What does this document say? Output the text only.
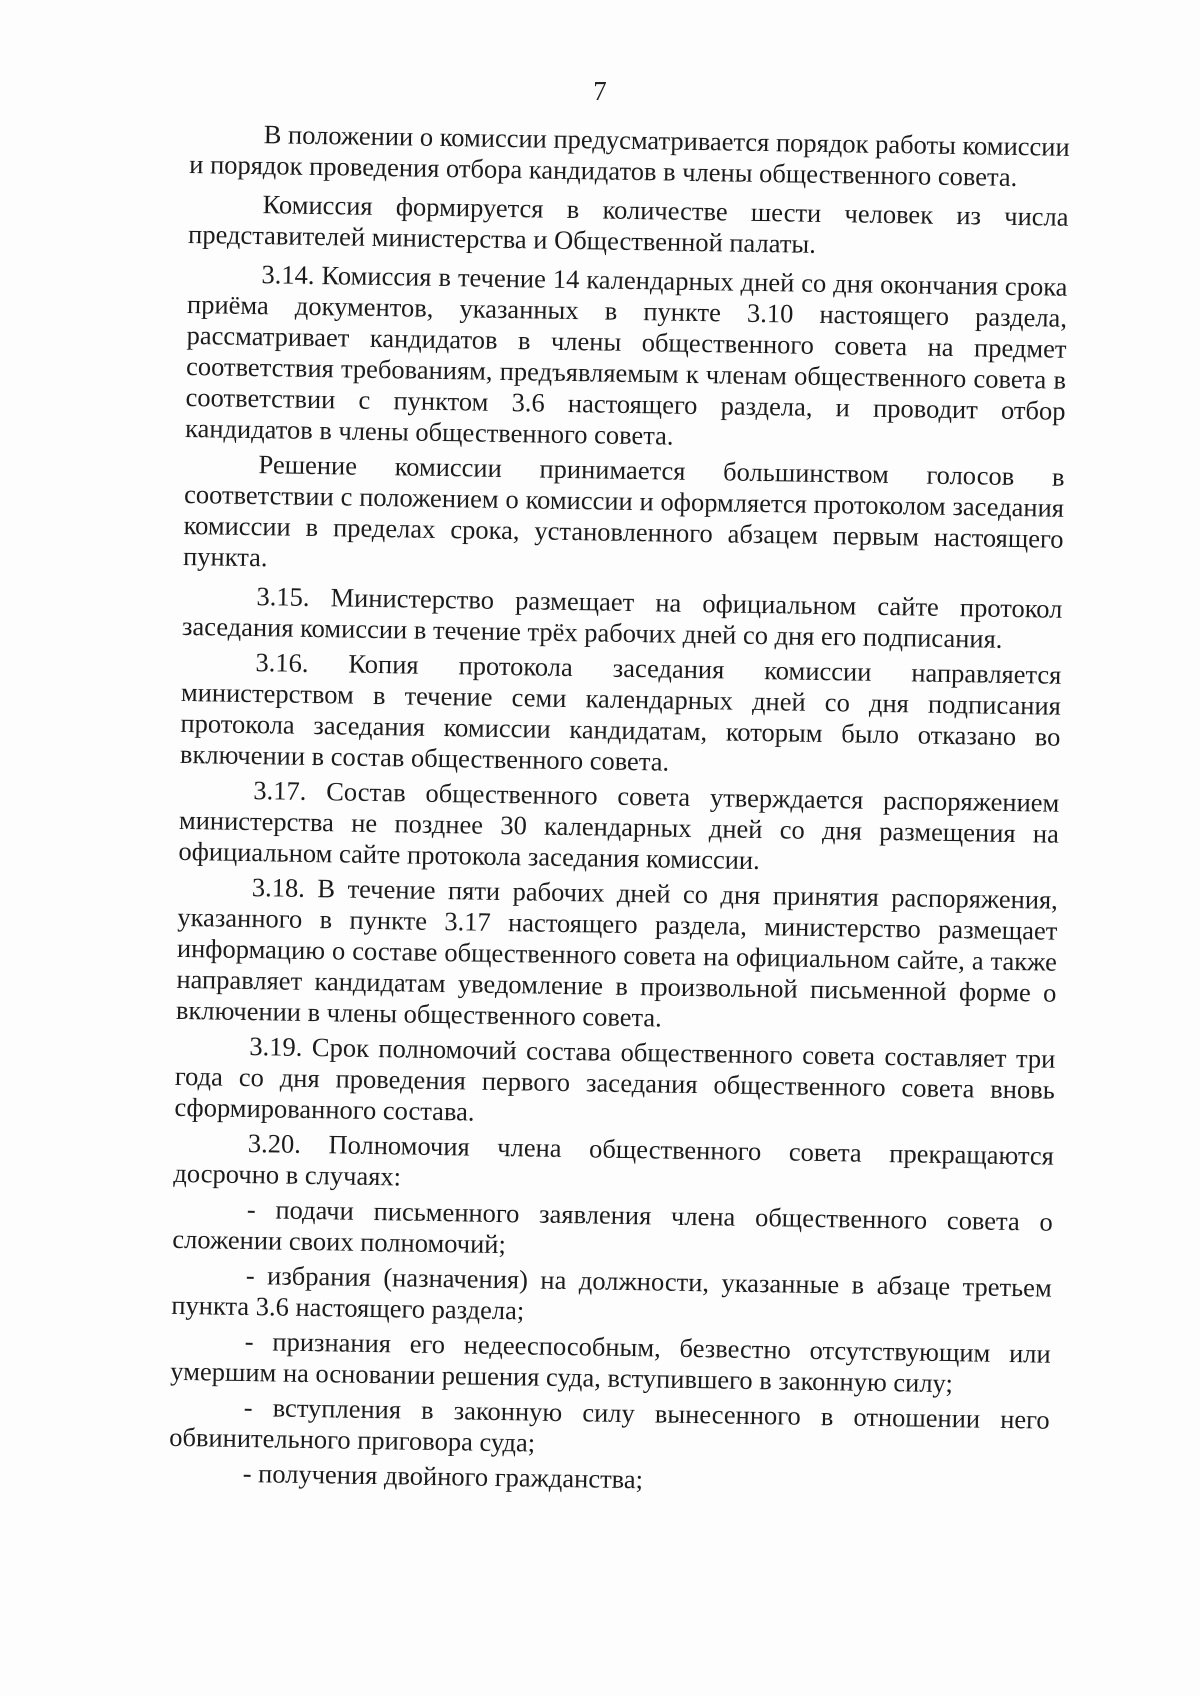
7

В положении о комиссии предусматривается порядок работы комиссии и порядок проведения отбора кандидатов в члены общественного совета.

Комиссия формируется в количестве шести человек из числа представителей министерства и Общественной палаты.

3.14. Комиссия в течение 14 календарных дней со дня окончания срока приёма документов, указанных в пункте 3.10 настоящего раздела, рассматривает кандидатов в члены общественного совета на предмет соответствия требованиям, предъявляемым к членам общественного совета в соответствии с пунктом 3.6 настоящего раздела, и проводит отбор кандидатов в члены общественного совета.

Решение комиссии принимается большинством голосов в соответствии с положением о комиссии и оформляется протоколом заседания комиссии в пределах срока, установленного абзацем первым настоящего пункта.

3.15. Министерство размещает на официальном сайте протокол заседания комиссии в течение трёх рабочих дней со дня его подписания.

3.16. Копия протокола заседания комиссии направляется министерством в течение семи календарных дней со дня подписания протокола заседания комиссии кандидатам, которым было отказано во включении в состав общественного совета.

3.17. Состав общественного совета утверждается распоряжением министерства не позднее 30 календарных дней со дня размещения на официальном сайте протокола заседания комиссии.

3.18. В течение пяти рабочих дней со дня принятия распоряжения, указанного в пункте 3.17 настоящего раздела, министерство размещает информацию о составе общественного совета на официальном сайте, а также направляет кандидатам уведомление в произвольной письменной форме о включении в члены общественного совета.

3.19. Срок полномочий состава общественного совета составляет три года со дня проведения первого заседания общественного совета вновь сформированного состава.

3.20. Полномочия члена общественного совета прекращаются досрочно в случаях:

- подачи письменного заявления члена общественного совета о сложении своих полномочий;

- избрания (назначения) на должности, указанные в абзаце третьем пункта 3.6 настоящего раздела;

- признания его недееспособным, безвестно отсутствующим или умершим на основании решения суда, вступившего в законную силу;

- вступления в законную силу вынесенного в отношении него обвинительного приговора суда;

- получения двойного гражданства;
